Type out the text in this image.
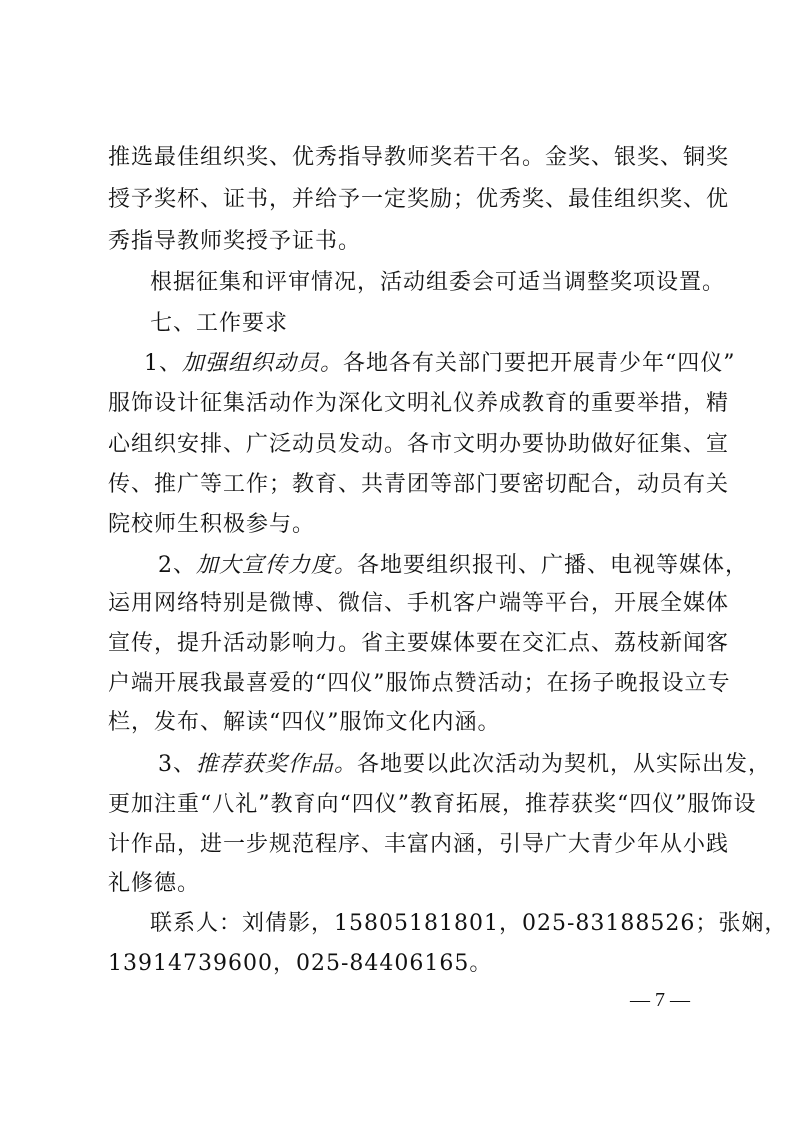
推选最佳组织奖、优秀指导教师奖若干名。金奖、银奖、铜奖
授予奖杯、证书，并给予一定奖励；优秀奖、最佳组织奖、优
秀指导教师奖授予证书。
根据征集和评审情况，活动组委会可适当调整奖项设置。
七、工作要求
1、加强组织动员。各地各有关部门要把开展青少年“四仪”
服饰设计征集活动作为深化文明礼仪养成教育的重要举措，精
心组织安排、广泛动员发动。各市文明办要协助做好征集、宣
传、推广等工作；教育、共青团等部门要密切配合，动员有关
院校师生积极参与。
2、加大宣传力度。各地要组织报刊、广播、电视等媒体，
运用网络特别是微博、微信、手机客户端等平台，开展全媒体
宣传，提升活动影响力。省主要媒体要在交汇点、荔枝新闻客
户端开展我最喜爱的“四仪”服饰点赞活动；在扬子晚报设立专
栏，发布、解读“四仪”服饰文化内涵。
3、推荐获奖作品。各地要以此次活动为契机，从实际出发，
更加注重“八礼”教育向“四仪”教育拓展，推荐获奖“四仪”服饰设
计作品，进一步规范程序、丰富内涵，引导广大青少年从小践
礼修德。
联系人：刘倩影，15805181801，025-83188526；张娴，
13914739600，025-84406165。
— 7 —
